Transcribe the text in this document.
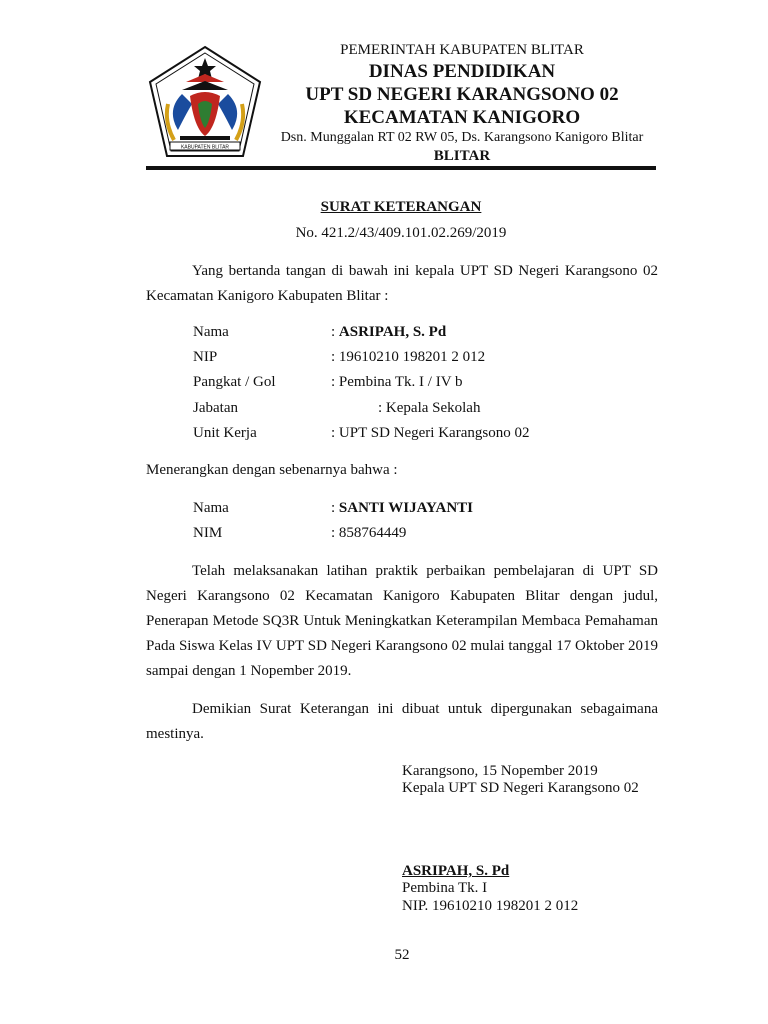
KABUPATEN BLITAR
PEMERINTAH KABUPATEN BLITAR
DINAS PENDIDIKAN
UPT SD NEGERI KARANGSONO 02
KECAMATAN KANIGORO
Dsn. Munggalan RT 02 RW 05, Ds. Karangsono Kanigoro Blitar
BLITAR
SURAT KETERANGAN
No. 421.2/43/409.101.02.269/2019
Yang bertanda tangan di bawah ini kepala UPT SD Negeri Karangsono 02 Kecamatan Kanigoro Kabupaten Blitar :
Nama	: ASRIPAH, S. Pd
NIP	: 19610210 198201 2 012
Pangkat / Gol	: Pembina Tk. I / IV b
Jabatan	: Kepala Sekolah
Unit Kerja	: UPT SD Negeri Karangsono 02
Menerangkan dengan sebenarnya bahwa :
Nama	: SANTI WIJAYANTI
NIM	: 858764449
Telah melaksanakan latihan praktik perbaikan pembelajaran di UPT SD Negeri Karangsono 02 Kecamatan Kanigoro Kabupaten Blitar dengan judul, Penerapan Metode SQ3R Untuk Meningkatkan Keterampilan Membaca Pemahaman Pada Siswa Kelas IV UPT SD Negeri Karangsono 02 mulai tanggal 17 Oktober 2019 sampai dengan 1 Nopember 2019.
Demikian Surat Keterangan ini dibuat untuk dipergunakan sebagaimana mestinya.
Karangsono, 15 Nopember 2019
Kepala UPT SD Negeri Karangsono 02
ASRIPAH, S. Pd
Pembina Tk. I
NIP. 19610210 198201 2 012
52
